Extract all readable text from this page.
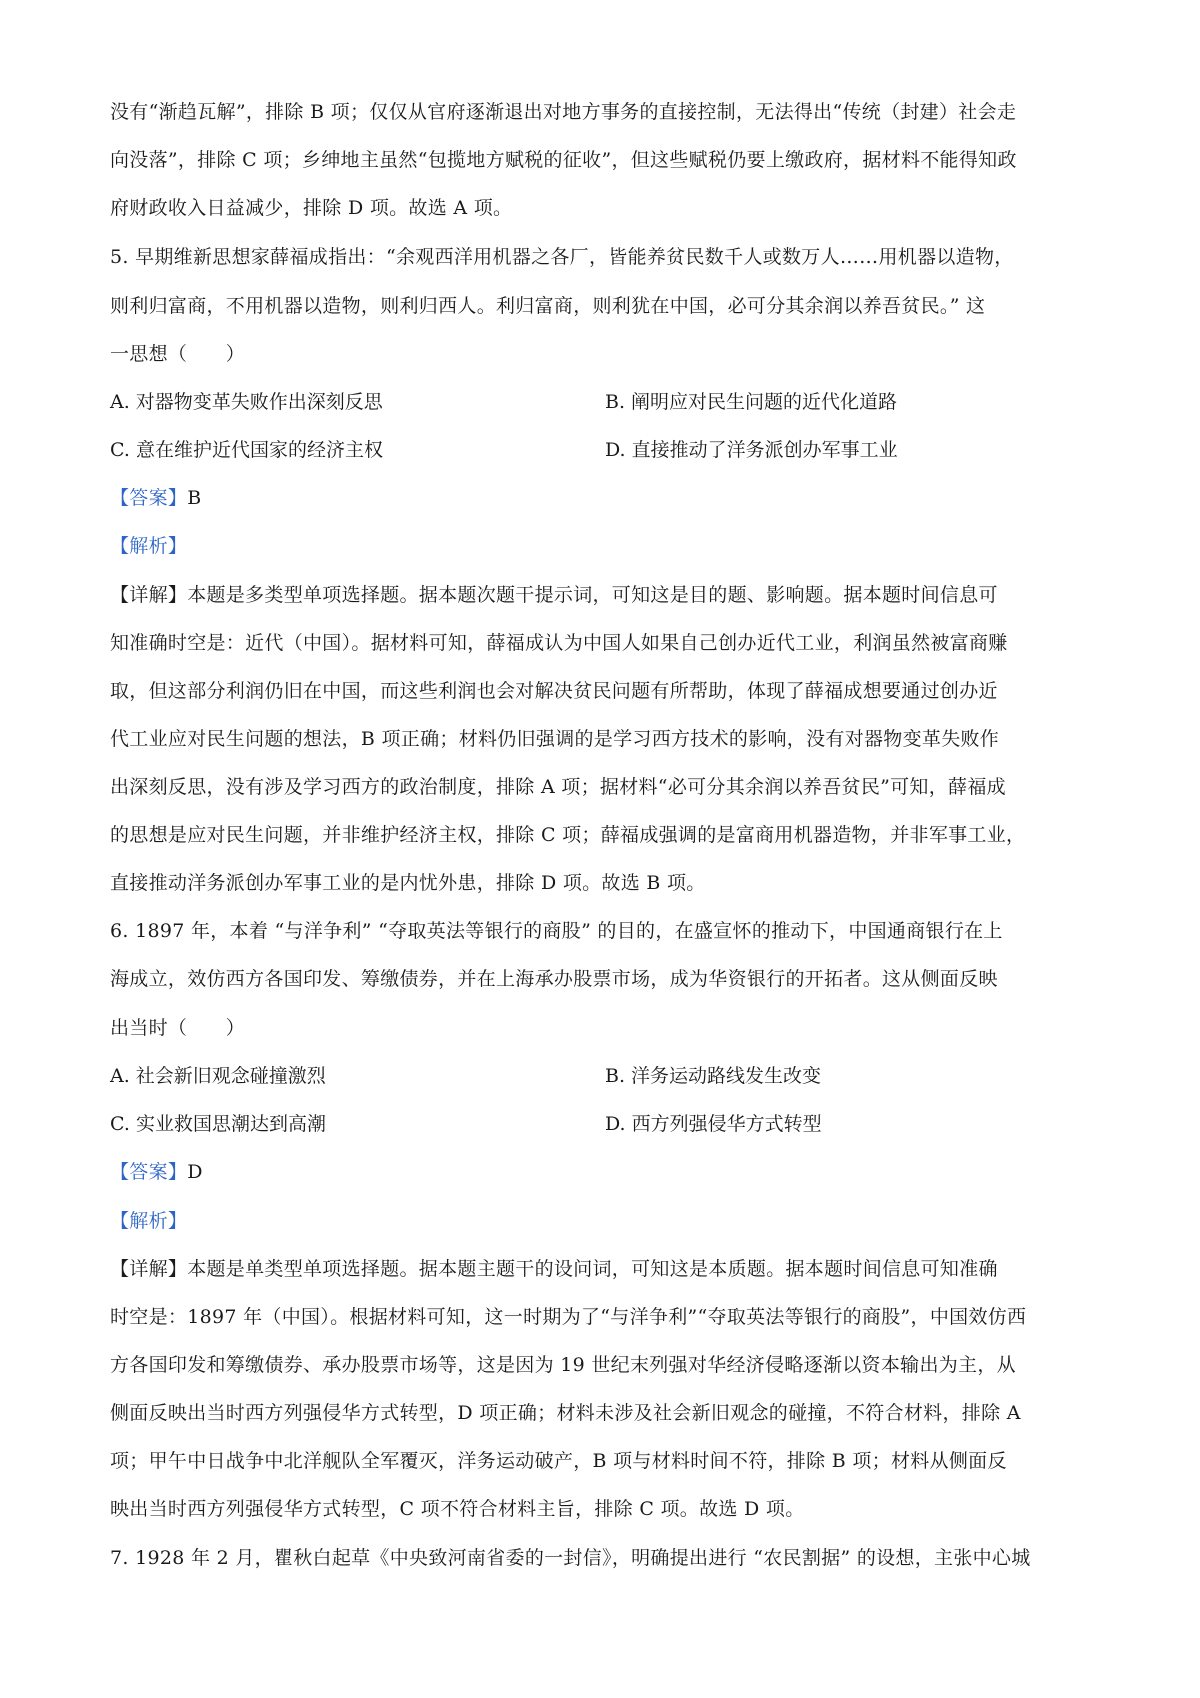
没有“渐趋瓦解”，排除 B 项；仅仅从官府逐渐退出对地方事务的直接控制，无法得出“传统（封建）社会走
向没落”，排除 C 项；乡绅地主虽然“包揽地方赋税的征收”，但这些赋税仍要上缴政府，据材料不能得知政
府财政收入日益减少，排除 D 项。故选 A 项。
5. 早期维新思想家薛福成指出：“余观西洋用机器之各厂，皆能养贫民数千人或数万人……用机器以造物，
则利归富商，不用机器以造物，则利归西人。利归富商，则利犹在中国，必可分其余润以养吾贫民。” 这
一思想（　　）
A. 对器物变革失败作出深刻反思	B. 阐明应对民生问题的近代化道路
C. 意在维护近代国家的经济主权	D. 直接推动了洋务派创办军事工业
【答案】B
【解析】
【详解】本题是多类型单项选择题。据本题次题干提示词，可知这是目的题、影响题。据本题时间信息可
知准确时空是：近代（中国）。据材料可知，薛福成认为中国人如果自己创办近代工业，利润虽然被富商赚
取，但这部分利润仍旧在中国，而这些利润也会对解决贫民问题有所帮助，体现了薛福成想要通过创办近
代工业应对民生问题的想法，B 项正确；材料仍旧强调的是学习西方技术的影响，没有对器物变革失败作
出深刻反思，没有涉及学习西方的政治制度，排除 A 项；据材料“必可分其余润以养吾贫民”可知，薛福成
的思想是应对民生问题，并非维护经济主权，排除 C 项；薛福成强调的是富商用机器造物，并非军事工业，
直接推动洋务派创办军事工业的是内忧外患，排除 D 项。故选 B 项。
6. 1897 年，本着 “与洋争利” “夺取英法等银行的商股” 的目的，在盛宣怀的推动下，中国通商银行在上
海成立，效仿西方各国印发、筹缴债券，并在上海承办股票市场，成为华资银行的开拓者。这从侧面反映
出当时（　　）
A. 社会新旧观念碰撞激烈	B. 洋务运动路线发生改变
C. 实业救国思潮达到高潮	D. 西方列强侵华方式转型
【答案】D
【解析】
【详解】本题是单类型单项选择题。据本题主题干的设问词，可知这是本质题。据本题时间信息可知准确
时空是：1897 年（中国）。根据材料可知，这一时期为了“与洋争利”“夺取英法等银行的商股”，中国效仿西
方各国印发和筹缴债券、承办股票市场等，这是因为 19 世纪末列强对华经济侵略逐渐以资本输出为主，从
侧面反映出当时西方列强侵华方式转型，D 项正确；材料未涉及社会新旧观念的碰撞，不符合材料，排除 A
项；甲午中日战争中北洋舰队全军覆灭，洋务运动破产，B 项与材料时间不符，排除 B 项；材料从侧面反
映出当时西方列强侵华方式转型，C 项不符合材料主旨，排除 C 项。故选 D 项。
7. 1928 年 2 月，瞿秋白起草《中央致河南省委的一封信》，明确提出进行 “农民割据” 的设想，主张中心城
